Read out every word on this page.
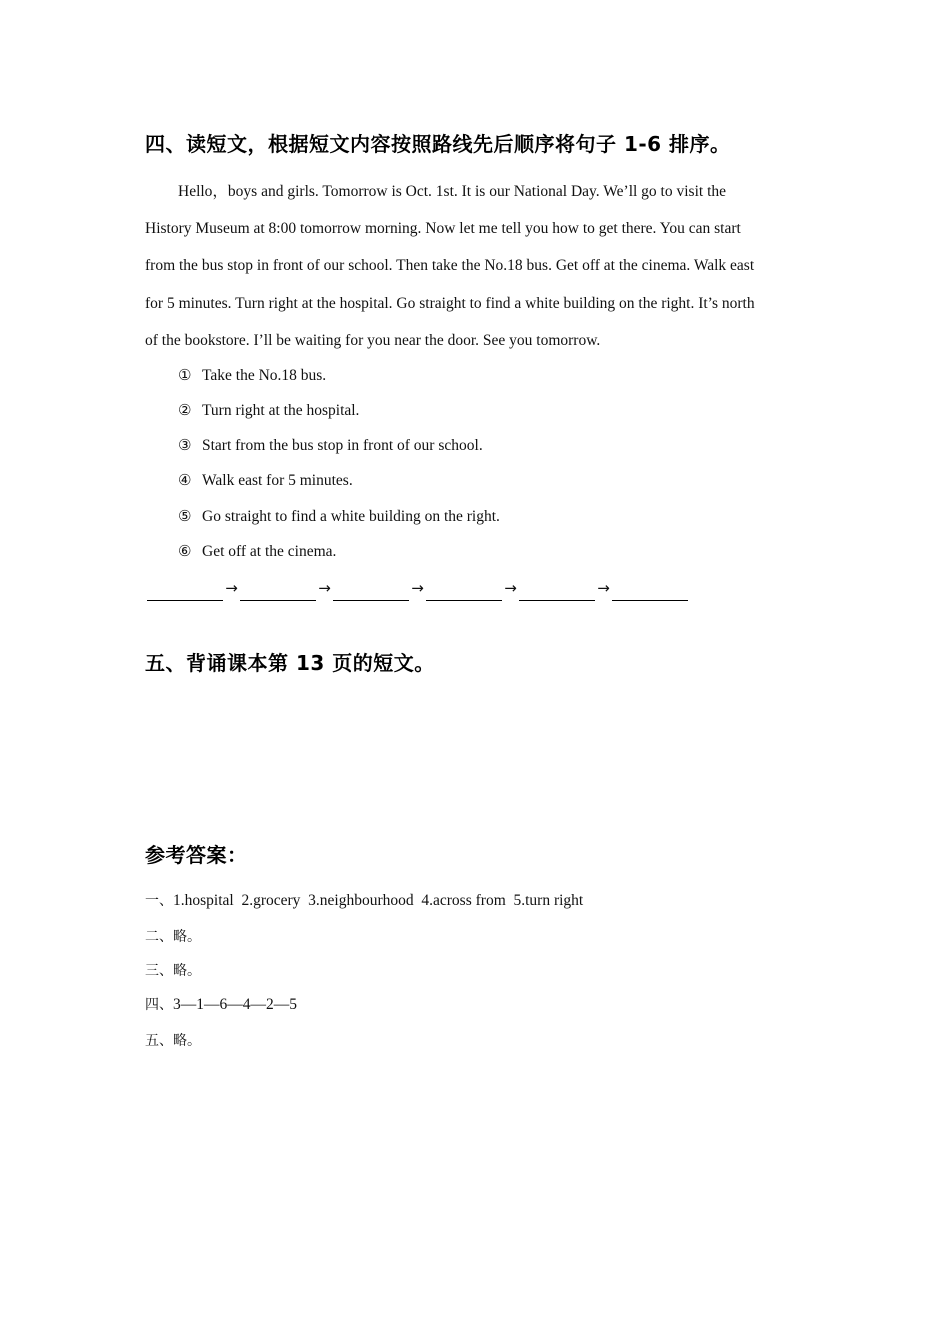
四、读短文，根据短文内容按照路线先后顺序将句子 1-6 排序。
Hello，boys and girls. Tomorrow is Oct. 1st. It is our National Day. We’ll go to visit the
History Museum at 8:00 tomorrow morning. Now let me tell you how to get there. You can start
from the bus stop in front of our school. Then take the No.18 bus. Get off at the cinema. Walk east
for 5 minutes. Turn right at the hospital. Go straight to find a white building on the right. It’s north
of the bookstore. I’ll be waiting for you near the door. See you tomorrow.
① Take the No.18 bus.
② Turn right at the hospital.
③ Start from the bus stop in front of our school.
④ Walk east for 5 minutes.
⑤ Go straight to find a white building on the right.
⑥ Get off at the cinema.
→	→	→	→	→
五、背诵课本第 13 页的短文。
参考答案：
一、1.hospital  2.grocery  3.neighbourhood  4.across from  5.turn right
二、略。
三、略。
四、3—1—6—4—2—5
五、略。
